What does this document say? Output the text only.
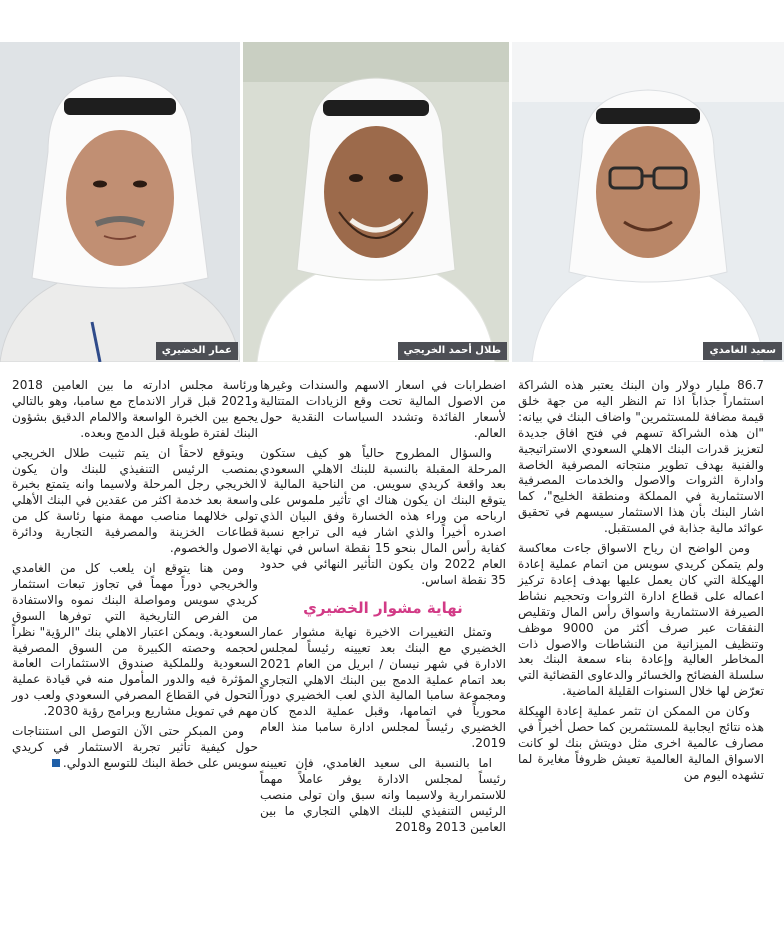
سعيد الغامدي
طلال أحمد الخريجي
عمار الخضيري

86.7 مليار دولار وان البنك يعتبر هذه الشراكة استثماراً جذاباً اذا تم النظر اليه من جهة خلق قيمة مضافة للمستثمرين" واضاف البنك في بيانه: "ان هذه الشراكة تسهم في فتح افاق جديدة لتعزيز قدرات البنك الاهلي السعودي الاستراتيجية والفنية بهدف تطوير منتجاته المصرفية الخاصة وادارة الثروات والاصول والخدمات المصرفية الاستثمارية في المملكة ومنطقة الخليج"، كما اشار البنك بأن هذا الاستثمار سيسهم في تحقيق عوائد مالية جذابة في المستقبل.

ومن الواضح ان رياح الاسواق جاءت معاكسة ولم يتمكن كريدي سويس من اتمام عملية إعادة الهيكلة التي كان يعمل عليها بهدف إعادة تركيز اعماله على قطاع ادارة الثروات وتحجيم نشاط الصيرفة الاستثمارية واسواق رأس المال وتقليص النفقات عبر صرف أكثر من 9000 موظف وتنظيف الميزانية من النشاطات والاصول ذات المخاطر العالية وإعادة بناء سمعة البنك بعد سلسلة الفضائح والخسائر والدعاوى القضائية التي تعرّض لها خلال السنوات القليلة الماضية.

وكان من الممكن ان تثمر عملية إعادة الهيكلة هذه نتائج ايجابية للمستثمرين كما حصل أخيراً في مصارف عالمية اخرى مثل دويتش بنك لو كانت الاسواق المالية العالمية تعيش ظروفاً مغايرة لما تشهده اليوم من

اضطرابات في اسعار الاسهم والسندات وغيرها من الاصول المالية تحت وقع الزيادات المتتالية لأسعار الفائدة وتشدد السياسات النقدية حول العالم.

والسؤال المطروح حالياً هو كيف ستكون المرحلة المقبلة بالنسبة للبنك الاهلي السعودي بعد واقعة كريدي سويس. من الناحية المالية لا يتوقع البنك ان يكون هناك اي تأثير ملموس على ارباحه من وراء هذه الخسارة وفق البيان الذي اصدره أخيراً والذي اشار فيه الى تراجع نسبة كفاية رأس المال بنحو 15 نقطة اساس في نهاية العام 2022 وان يكون التأثير النهائي في حدود 35 نقطة اساس.

نهاية مشوار الخضيري

وتمثل التغييرات الاخيرة نهاية مشوار عمار الخضيري مع البنك بعد تعيينه رئيساً لمجلس الادارة في شهر نيسان / ابريل من العام 2021 بعد اتمام عملية الدمج بين البنك الاهلي التجاري ومجموعة سامبا المالية الذي لعب الخضيري دوراً محورياً في اتمامها، وقبل عملية الدمج كان الخضيري رئيساً لمجلس ادارة سامبا منذ العام 2019.

اما بالنسبة الى سعيد الغامدي، فإن تعيينه رئيساً لمجلس الادارة يوفر عاملاً مهماً للاستمرارية ولاسيما وانه سبق وان تولى منصب الرئيس التنفيذي للبنك الاهلي التجاري ما بين العامين 2013 و2018

ورئاسة مجلس ادارته ما بين العامين 2018 و2021 قبل قرار الاندماج مع سامبا، وهو بالتالي يجمع بين الخبرة الواسعة والالمام الدقيق بشؤون البنك لفترة طويلة قبل الدمج وبعده.

ويتوقع لاحقاً ان يتم تثبيت طلال الخريجي بمنصب الرئيس التنفيذي للبنك وان يكون الخريجي رجل المرحلة ولاسيما وانه يتمتع بخبرة واسعة بعد خدمة اكثر من عقدين في البنك الأهلي تولى خلالهما مناصب مهمة منها رئاسة كل من قطاعات الخزينة والمصرفية التجارية ودائرة الاصول والخصوم.

ومن هنا يتوقع ان يلعب كل من الغامدي والخريجي دوراً مهماً في تجاوز تبعات استثمار كريدي سويس ومواصلة البنك نموه والاستفادة من الفرص التاريخية التي توفرها السوق السعودية. ويمكن اعتبار الاهلي بنك "الرؤية" نظراً لحجمه وحصته الكبيرة من السوق المصرفية السعودية وللملكية صندوق الاستثمارات العامة المؤثرة فيه والدور المأمول منه في قيادة عملية التحول في القطاع المصرفي السعودي ولعب دور مهم في تمويل مشاريع وبرامج رؤية 2030.

ومن المبكر حتى الآن التوصل الى استنتاجات حول كيفية تأثير تجربة الاستثمار في كريدي سويس على خطة البنك للتوسع الدولي.
